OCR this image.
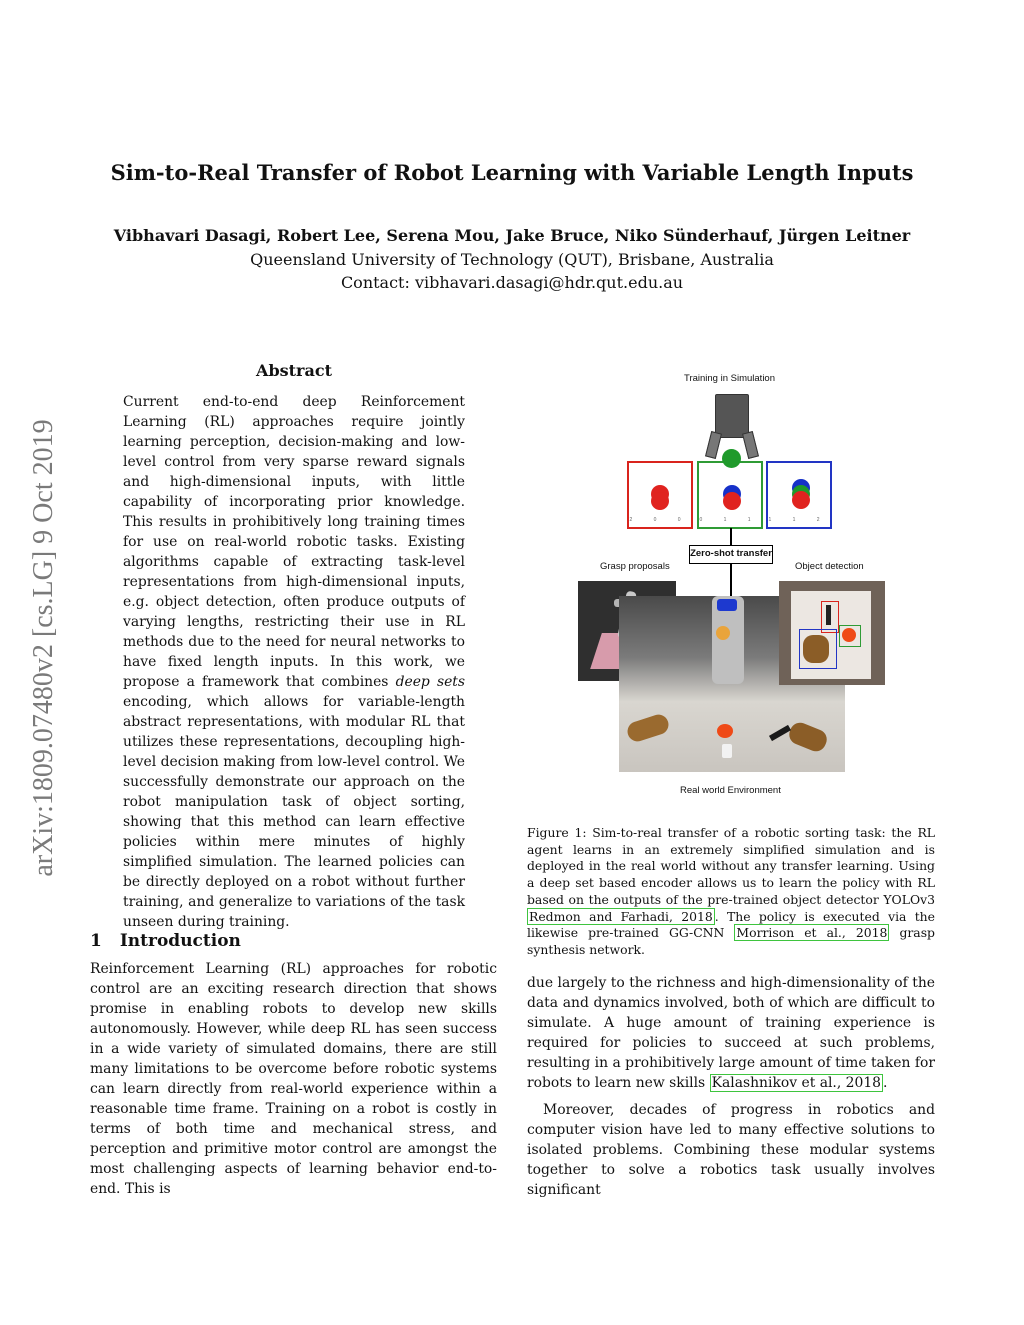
Sim-to-Real Transfer of Robot Learning with Variable Length Inputs
Vibhavari Dasagi, Robert Lee, Serena Mou, Jake Bruce, Niko Sünderhauf, Jürgen Leitner
Queensland University of Technology (QUT), Brisbane, Australia
Contact: vibhavari.dasagi@hdr.qut.edu.au
arXiv:1809.07480v2 [cs.LG] 9 Oct 2019
Abstract
Current end-to-end deep Reinforcement Learning (RL) approaches require jointly learning perception, decision-making and low-level control from very sparse reward signals and high-dimensional inputs, with little capability of incorporating prior knowledge. This results in prohibitively long training times for use on real-world robotic tasks. Existing algorithms capable of extracting task-level representations from high-dimensional inputs, e.g. object detection, often produce outputs of varying lengths, restricting their use in RL methods due to the need for neural networks to have fixed length inputs. In this work, we propose a framework that combines deep sets encoding, which allows for variable-length abstract representations, with modular RL that utilizes these representations, decoupling high-level decision making from low-level control. We successfully demonstrate our approach on the robot manipulation task of object sorting, showing that this method can learn effective policies within mere minutes of highly simplified simulation. The learned policies can be directly deployed on a robot without further training, and generalize to variations of the task unseen during training.
1 Introduction
Reinforcement Learning (RL) approaches for robotic control are an exciting research direction that shows promise in enabling robots to develop new skills autonomously. However, while deep RL has seen success in a wide variety of simulated domains, there are still many limitations to be overcome before robotic systems can learn directly from real-world experience within a reasonable time frame. Training on a robot is costly in terms of both time and mechanical stress, and perception and primitive motor control are amongst the most challenging aspects of learning behavior end-to-end. This is
Training in Simulation
2 0 0 0 1 1 1 1 2
Zero-shot transfer
Grasp proposals	Object detection
Real world Environment
Figure 1: Sim-to-real transfer of a robotic sorting task: the RL agent learns in an extremely simplified simulation and is deployed in the real world without any transfer learning. Using a deep set based encoder allows us to learn the policy with RL based on the outputs of the pre-trained object detector YOLOv3 Redmon and Farhadi, 2018 . The policy is executed via the likewise pre-trained GG-CNN Morrison et al., 2018 grasp synthesis network.

due largely to the richness and high-dimensionality of the data and dynamics involved, both of which are difficult to simulate. A huge amount of training experience is required for policies to succeed at such problems, resulting in a prohibitively large amount of time taken for robots to learn new skills Kalashnikov et al., 2018 .

Moreover, decades of progress in robotics and computer vision have led to many effective solutions to isolated problems. Combining these modular systems together to solve a robotics task usually involves significant
